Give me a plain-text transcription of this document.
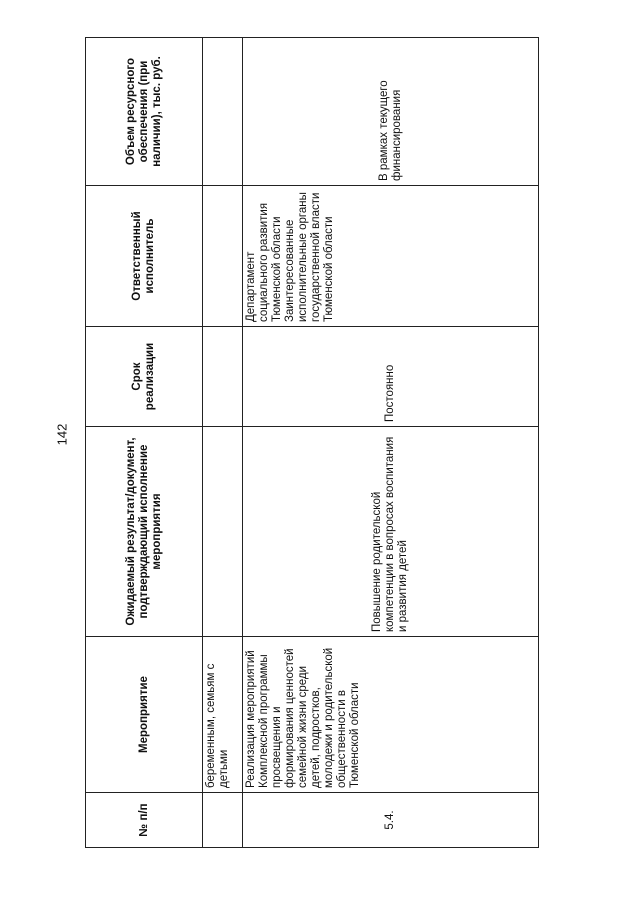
142
№ п/п	Мероприятие	Ожидаемый результат/документ, подтверждающий исполнение мероприятия	Срок реализации	Ответственный исполнитель	Объем ресурсного обеспечения (при наличии), тыс. руб.
	беременным, семьям с детьми				
5.4.	Реализация мероприятий Комплексной программы просвещения и формирования ценностей семейной жизни среди детей, подростков, молодежи и родительской общественности в Тюменской области	Повышение родительской компетенции в вопросах воспитания и развития детей	Постоянно	Департамент социального развития Тюменской области Заинтересованные исполнительные органы государственной власти Тюменской области	В рамках текущего финансирования
